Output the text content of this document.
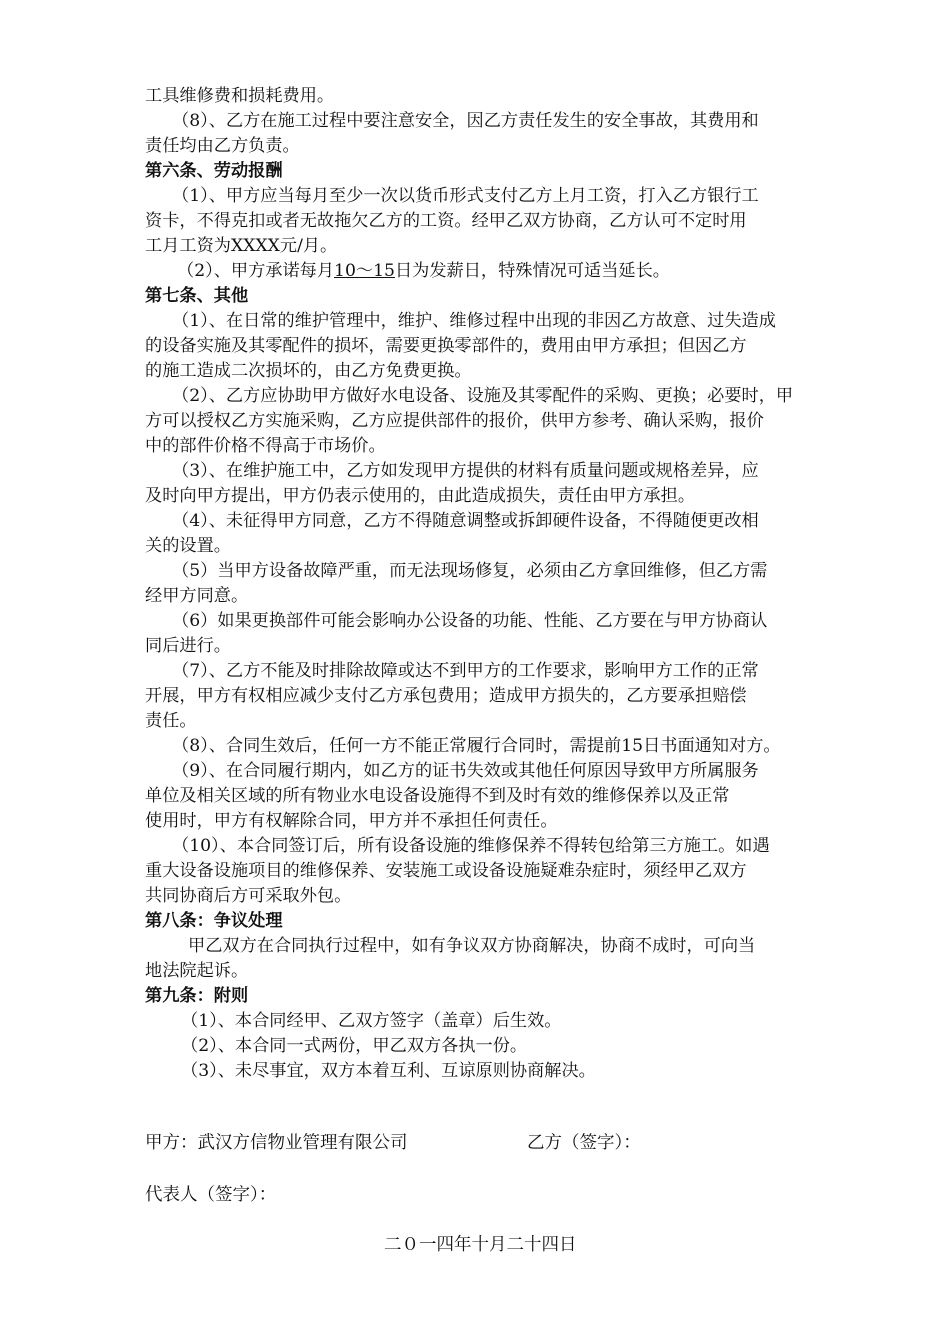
工具维修费和损耗费用。
（8）、乙方在施工过程中要注意安全，因乙方责任发生的安全事故，其费用和
责任均由乙方负责。
第六条、劳动报酬
（1）、甲方应当每月至少一次以货币形式支付乙方上月工资，打入乙方银行工
资卡，不得克扣或者无故拖欠乙方的工资。经甲乙双方协商，乙方认可不定时用
工月工资为XXXX元/月。
（2）、甲方承诺每月10～15日为发薪日，特殊情况可适当延长。
第七条、其他
（1）、在日常的维护管理中，维护、维修过程中出现的非因乙方故意、过失造成
的设备实施及其零配件的损坏，需要更换零部件的，费用由甲方承担；但因乙方
的施工造成二次损坏的，由乙方免费更换。
（2）、乙方应协助甲方做好水电设备、设施及其零配件的采购、更换；必要时，甲
方可以授权乙方实施采购，乙方应提供部件的报价，供甲方参考、确认采购，报价
中的部件价格不得高于市场价。
（3）、在维护施工中，乙方如发现甲方提供的材料有质量问题或规格差异，应
及时向甲方提出，甲方仍表示使用的，由此造成损失，责任由甲方承担。
（4）、未征得甲方同意，乙方不得随意调整或拆卸硬件设备，不得随便更改相
关的设置。
（5）当甲方设备故障严重，而无法现场修复，必须由乙方拿回维修，但乙方需
经甲方同意。
（6）如果更换部件可能会影响办公设备的功能、性能、乙方要在与甲方协商认
同后进行。
（7）、乙方不能及时排除故障或达不到甲方的工作要求，影响甲方工作的正常
开展，甲方有权相应减少支付乙方承包费用；造成甲方损失的，乙方要承担赔偿
责任。
（8）、合同生效后，任何一方不能正常履行合同时，需提前15日书面通知对方。
（9）、在合同履行期内，如乙方的证书失效或其他任何原因导致甲方所属服务
单位及相关区域的所有物业水电设备设施得不到及时有效的维修保养以及正常
使用时，甲方有权解除合同，甲方并不承担任何责任。
（10）、本合同签订后，所有设备设施的维修保养不得转包给第三方施工。如遇
重大设备设施项目的维修保养、安装施工或设备设施疑难杂症时，须经甲乙双方
共同协商后方可采取外包。
第八条：争议处理
甲乙双方在合同执行过程中，如有争议双方协商解决，协商不成时，可向当
地法院起诉。
第九条：附则
（1）、本合同经甲、乙双方签字（盖章）后生效。
（2）、本合同一式两份，甲乙双方各执一份。
（3）、未尽事宜，双方本着互利、互谅原则协商解决。
甲方：武汉方信物业管理有限公司	乙方（签字）：
代表人（签字）：
二０一四年十月二十四日
